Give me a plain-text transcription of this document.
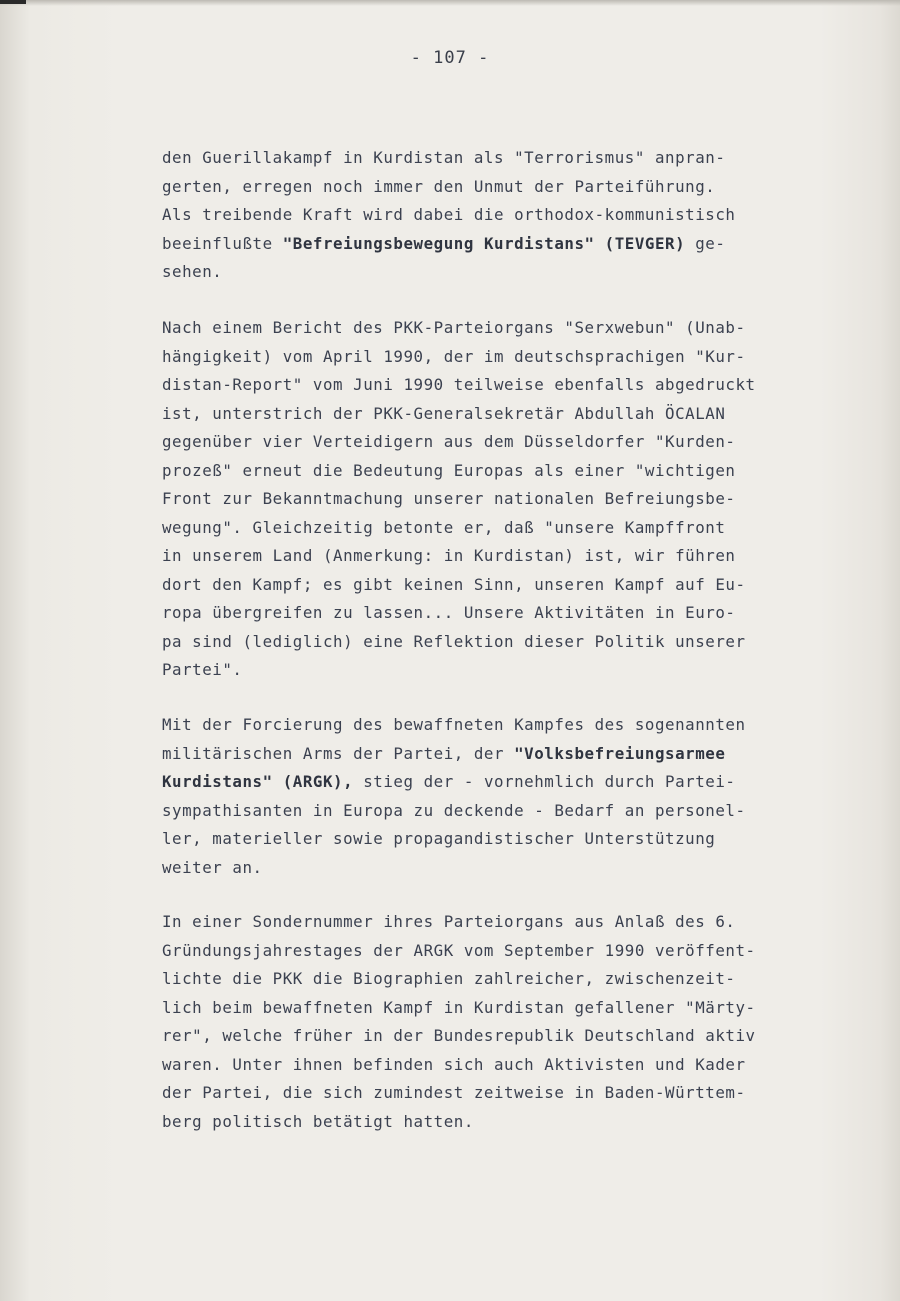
- 107 -
den Guerillakampf in Kurdistan als "Terrorismus" anpran-
gerten, erregen noch immer den Unmut der Parteiführung.
Als treibende Kraft wird dabei die orthodox-kommunistisch
beeinflußte "Befreiungsbewegung Kurdistans" (TEVGER) ge-
sehen.
Nach einem Bericht des PKK-Parteiorgans "Serxwebun" (Unab-
hängigkeit) vom April 1990, der im deutschsprachigen "Kur-
distan-Report" vom Juni 1990 teilweise ebenfalls abgedruckt
ist, unterstrich der PKK-Generalsekretär Abdullah ÖCALAN
gegenüber vier Verteidigern aus dem Düsseldorfer "Kurden-
prozeß" erneut die Bedeutung Europas als einer "wichtigen
Front zur Bekanntmachung unserer nationalen Befreiungsbe-
wegung". Gleichzeitig betonte er, daß "unsere Kampffront
in unserem Land (Anmerkung: in Kurdistan) ist, wir führen
dort den Kampf; es gibt keinen Sinn, unseren Kampf auf Eu-
ropa übergreifen zu lassen... Unsere Aktivitäten in Euro-
pa sind (lediglich) eine Reflektion dieser Politik unserer
Partei".
Mit der Forcierung des bewaffneten Kampfes des sogenannten
militärischen Arms der Partei, der "Volksbefreiungsarmee
Kurdistans" (ARGK), stieg der - vornehmlich durch Partei-
sympathisanten in Europa zu deckende - Bedarf an personel-
ler, materieller sowie propagandistischer Unterstützung
weiter an.
In einer Sondernummer ihres Parteiorgans aus Anlaß des 6.
Gründungsjahrestages der ARGK vom September 1990 veröffent-
lichte die PKK die Biographien zahlreicher, zwischenzeit-
lich beim bewaffneten Kampf in Kurdistan gefallener "Märty-
rer", welche früher in der Bundesrepublik Deutschland aktiv
waren. Unter ihnen befinden sich auch Aktivisten und Kader
der Partei, die sich zumindest zeitweise in Baden-Württem-
berg politisch betätigt hatten.
